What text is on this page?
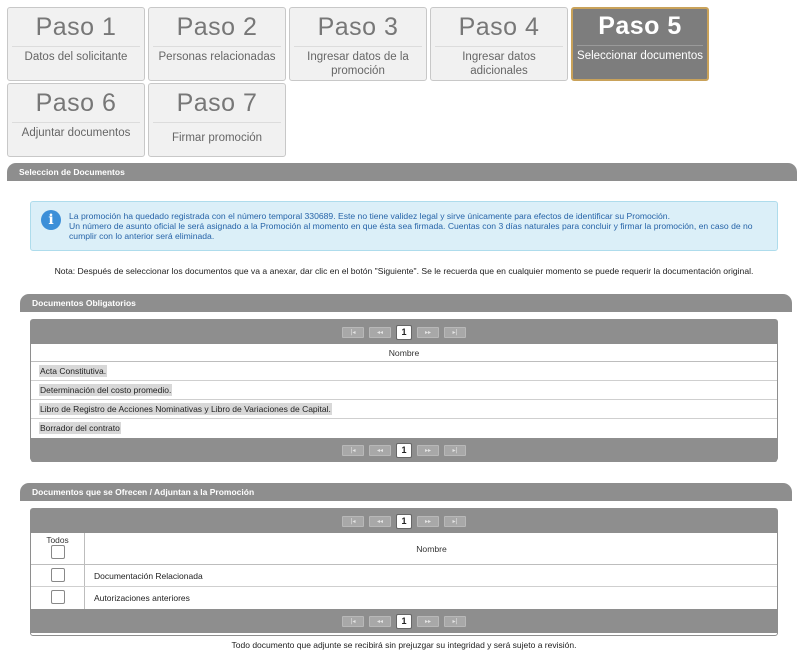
Paso 1
Datos del solicitante
Paso 2
Personas relacionadas
Paso 3
Ingresar datos de la promoción
Paso 4
Ingresar datos adicionales
Paso 5
Seleccionar documentos
Paso 6
Adjuntar documentos
Paso 7
Firmar promoción
Seleccion de Documentos
i	La promoción ha quedado registrada con el número temporal 330689. Este no tiene validez legal y sirve únicamente para efectos de identificar su Promoción.
Un número de asunto oficial le será asignado a la Promoción al momento en que ésta sea firmada. Cuentas con 3 días naturales para concluir y firmar la promoción, en caso de no cumplir con lo anterior será eliminada.
Nota: Después de seleccionar los documentos que va a anexar, dar clic en el botón "Siguiente". Se le recuerda que en cualquier momento se puede requerir la documentación original.
Documentos Obligatorios
|◂	◂◂	1	▸▸	▸|
Nombre
Acta Constitutiva.
Determinación del costo promedio.
Libro de Registro de Acciones Nominativas y Libro de Variaciones de Capital.
Borrador del contrato
|◂	◂◂	1	▸▸	▸|
Documentos que se Ofrecen / Adjuntan a la Promoción
|◂	◂◂	1	▸▸	▸|
Todos
Nombre
Documentación Relacionada
Autorizaciones anteriores
|◂	◂◂	1	▸▸	▸|
Todo documento que adjunte se recibirá sin prejuzgar su integridad y será sujeto a revisión.
